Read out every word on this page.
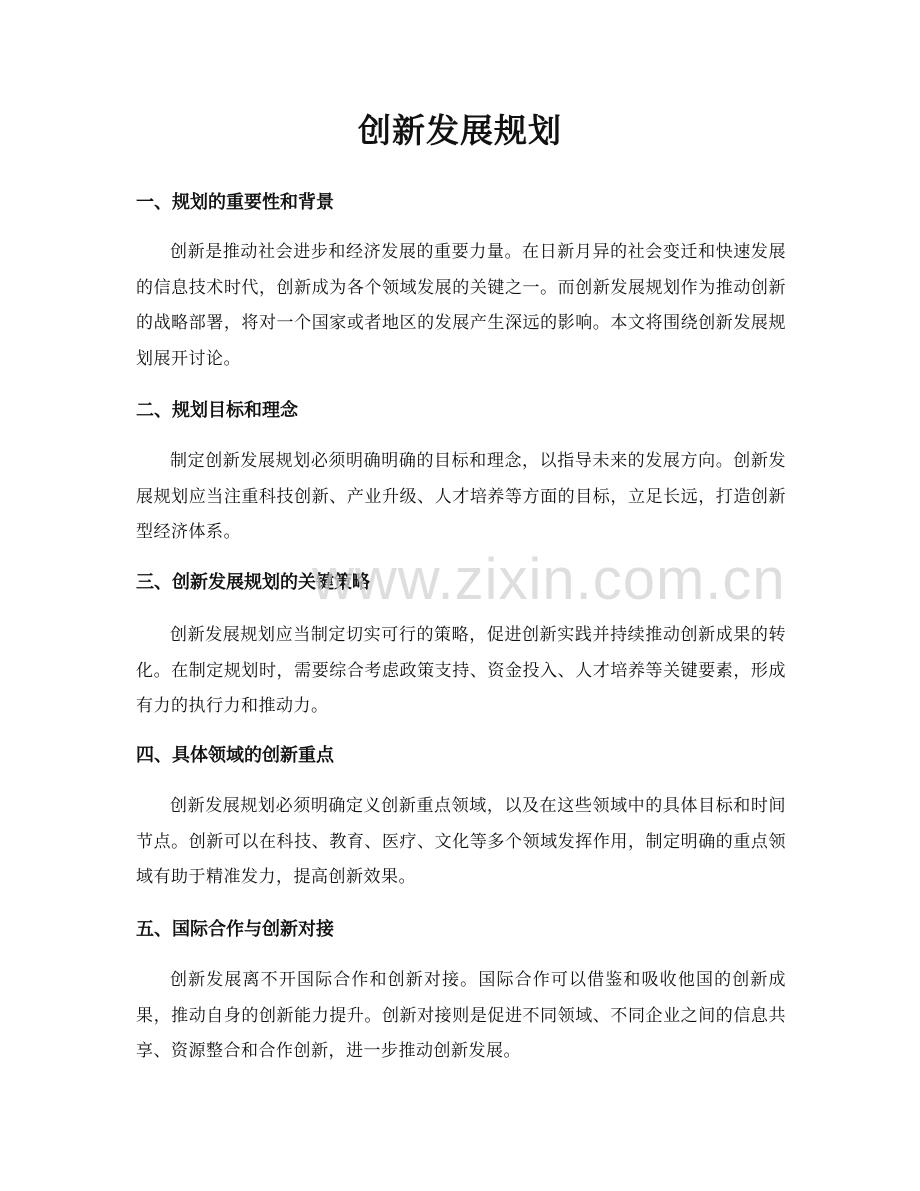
创新发展规划
一、规划的重要性和背景
创新是推动社会进步和经济发展的重要力量。在日新月异的社会变迁和快速发展的信息技术时代，创新成为各个领域发展的关键之一。而创新发展规划作为推动创新的战略部署，将对一个国家或者地区的发展产生深远的影响。本文将围绕创新发展规划展开讨论。
二、规划目标和理念
制定创新发展规划必须明确明确的目标和理念，以指导未来的发展方向。创新发展规划应当注重科技创新、产业升级、人才培养等方面的目标，立足长远，打造创新型经济体系。
三、创新发展规划的关键策略
创新发展规划应当制定切实可行的策略，促进创新实践并持续推动创新成果的转化。在制定规划时，需要综合考虑政策支持、资金投入、人才培养等关键要素，形成有力的执行力和推动力。
四、具体领域的创新重点
创新发展规划必须明确定义创新重点领域，以及在这些领域中的具体目标和时间节点。创新可以在科技、教育、医疗、文化等多个领域发挥作用，制定明确的重点领域有助于精准发力，提高创新效果。
五、国际合作与创新对接
创新发展离不开国际合作和创新对接。国际合作可以借鉴和吸收他国的创新成果，推动自身的创新能力提升。创新对接则是促进不同领域、不同企业之间的信息共享、资源整合和合作创新，进一步推动创新发展。
www.zixin.com.cn
